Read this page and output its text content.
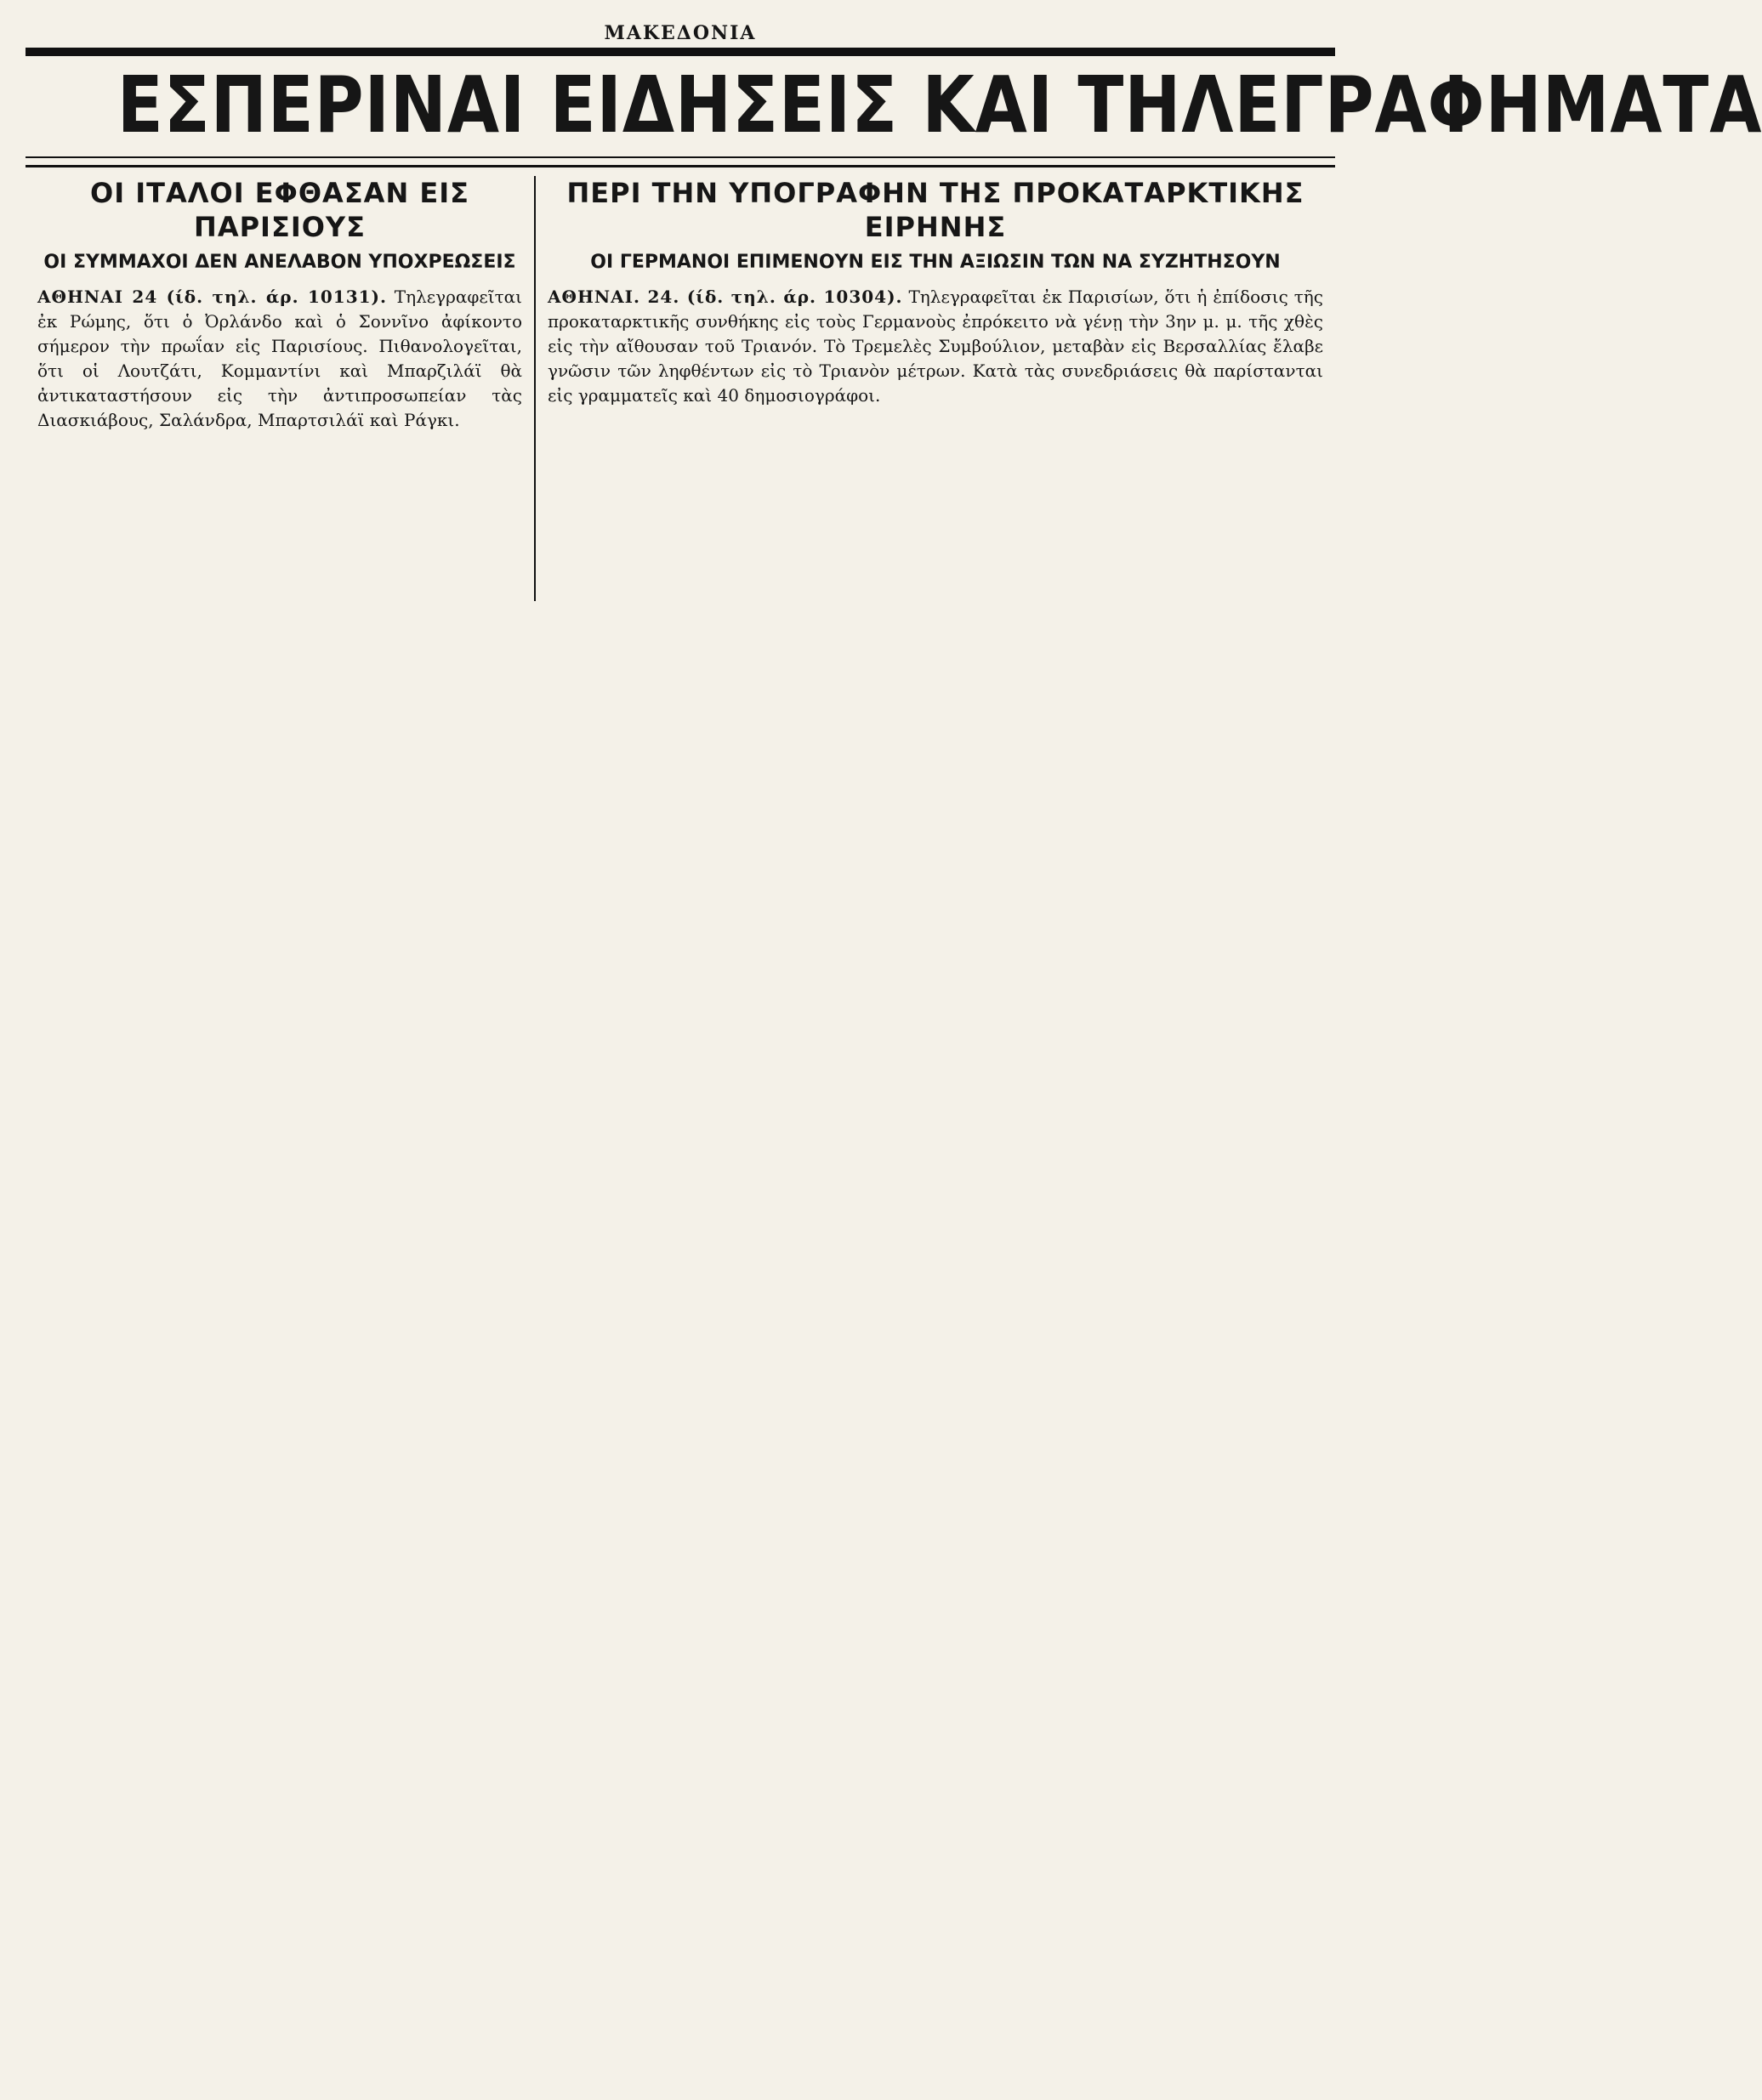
ΜΑΚΕΔΟΝΙΑ
ΕΣΠΕΡΙΝΑΙ ΕΙΔΗΣΕΙΣ ΚΑΙ ΤΗΛΕΓΡΑΦΗΜΑΤΑ
ΟΙ ΙΤΑΛΟΙ ΕΦΘΑΣΑΝ ΕΙΣ ΠΑΡΙΣΙΟΥΣ
ΟΙ ΣΥΜΜΑΧΟΙ ΔΕΝ ΑΝΕΛΑΒΟΝ ΥΠΟΧΡΕΩΣΕΙΣ

ΑΘΗΝΑΙ 24 (ίδ. τηλ. άρ. 10131). Τηλεγραφεῖται ἐκ Ρώμης, ὅτι ὁ Ὀρλάνδο καὶ ὁ Σοννῖνο ἀφίκοντο σήμερον τὴν πρωΐαν εἰς Παρισίους. Πιθανολογεῖται, ὅτι οἱ Λουτζάτι, Κομμαντίνι καὶ Μπαρζιλάϊ θὰ ἀντικαταστήσουν εἰς τὴν ἀντιπροσωπείαν τὰς Διασκιάβους, Σαλάνδρα, Μπαρτσιλάϊ καὶ Ράγκι.

ΠΕΡΙ ΤΗΝ ΥΠΟΓΡΑΦΗΝ ΤΗΣ ΠΡΟΚΑΤΑΡΚΤΙΚΗΣ ΕΙΡΗΝΗΣ
ΟΙ ΓΕΡΜΑΝΟΙ ΕΠΙΜΕΝΟΥΝ ΕΙΣ ΤΗΝ ΑΞΙΩΣΙΝ ΤΩΝ ΝΑ ΣΥΖΗΤΗΣΟΥΝ

ΑΘΗΝΑΙ. 24. (ίδ. τηλ. άρ. 10304). Τηλεγραφεῖται ἐκ Παρισίων, ὅτι ἡ ἐπίδοσις τῆς προκαταρκτικῆς συνθήκης εἰς τοὺς Γερμανοὺς ἐπρόκειτο νὰ γένῃ τὴν 3ην μ. μ. τῆς χθὲς εἰς τὴν αἴθουσαν τοῦ Τριανόν. Τὸ Τρεμελὲς Συμβούλιον, μεταβὰν εἰς Βερσαλλίας ἔλαβε γνῶσιν τῶν ληφθέντων εἰς τὸ Τριανὸν μέτρων. Κατὰ τὰς συνεδριάσεις θὰ παρίστανται εἰς γραμματεῖς καὶ 40 δημοσιογράφοι.
